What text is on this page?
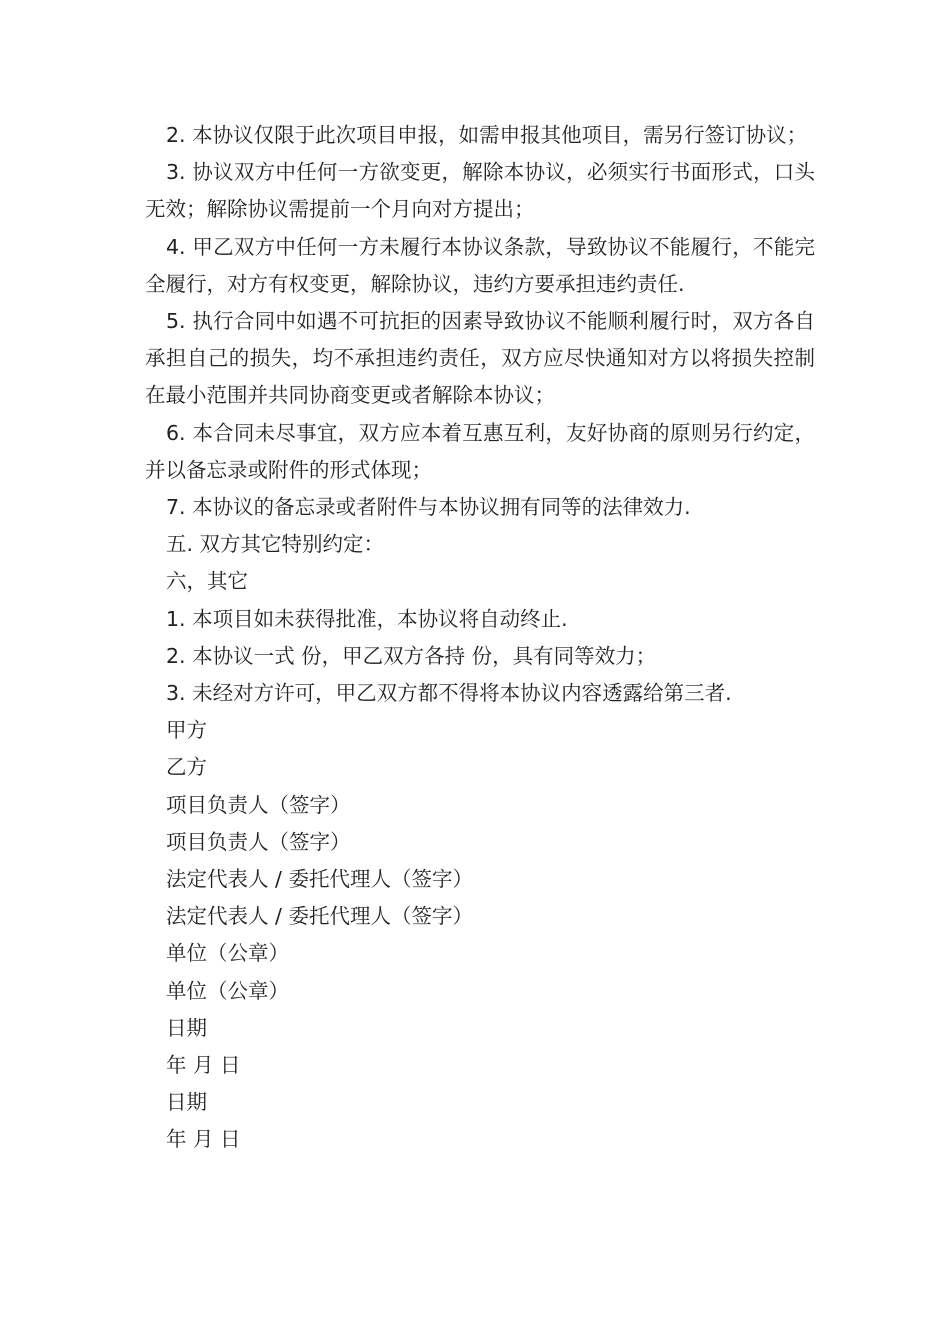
2. 本协议仅限于此次项目申报，如需申报其他项目，需另行签订协议；

3. 协议双方中任何一方欲变更，解除本协议，必须实行书面形式，口头无效；解除协议需提前一个月向对方提出；

4. 甲乙双方中任何一方未履行本协议条款，导致协议不能履行，不能完全履行，对方有权变更，解除协议，违约方要承担违约责任.

5. 执行合同中如遇不可抗拒的因素导致协议不能顺利履行时，双方各自承担自己的损失，均不承担违约责任，双方应尽快通知对方以将损失控制在最小范围并共同协商变更或者解除本协议；

6. 本合同未尽事宜，双方应本着互惠互利，友好协商的原则另行约定，并以备忘录或附件的形式体现；

7. 本协议的备忘录或者附件与本协议拥有同等的法律效力.

五. 双方其它特别约定：

六，其它

1. 本项目如未获得批准，本协议将自动终止.

2. 本协议一式 份，甲乙双方各持 份，具有同等效力；

3. 未经对方许可，甲乙双方都不得将本协议内容透露给第三者.

甲方

乙方

项目负责人（签字）

项目负责人（签字）

法定代表人 / 委托代理人（签字）

法定代表人 / 委托代理人（签字）

单位（公章）

单位（公章）

日期

年 月 日

日期

年 月 日
